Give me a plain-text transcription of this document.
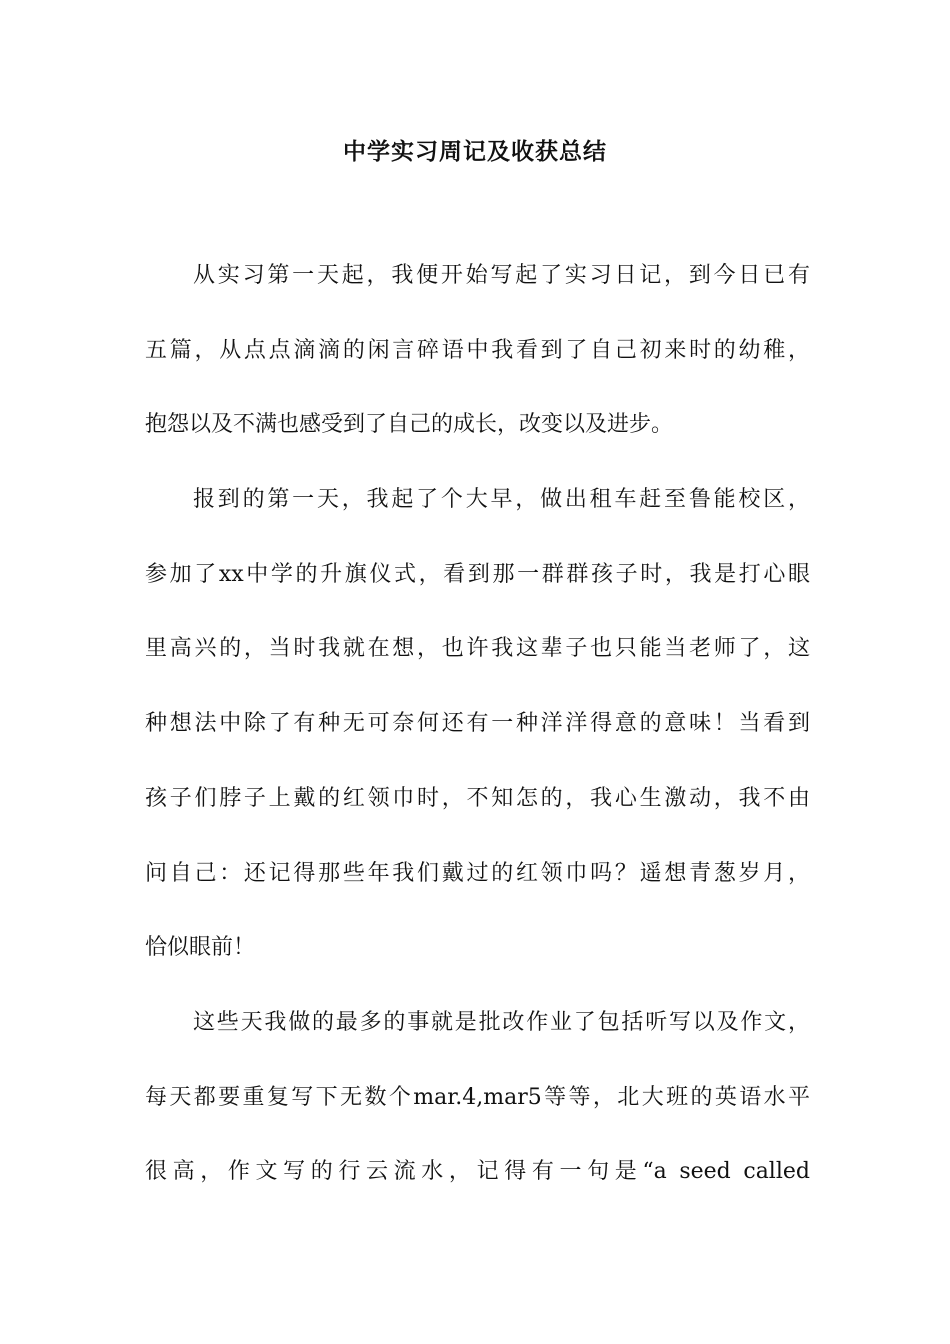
中学实习周记及收获总结
从实习第一天起，我便开始写起了实习日记，到今日已有
五篇，从点点滴滴的闲言碎语中我看到了自己初来时的幼稚，
抱怨以及不满也感受到了自己的成长，改变以及进步。
报到的第一天，我起了个大早，做出租车赶至鲁能校区，
参加了xx中学的升旗仪式，看到那一群群孩子时，我是打心眼
里高兴的，当时我就在想，也许我这辈子也只能当老师了，这
种想法中除了有种无可奈何还有一种洋洋得意的意味！当看到
孩子们脖子上戴的红领巾时，不知怎的，我心生激动，我不由
问自己：还记得那些年我们戴过的红领巾吗？遥想青葱岁月，
恰似眼前！
这些天我做的最多的事就是批改作业了包括听写以及作文，
每天都要重复写下无数个mar.4,mar5等等，北大班的英语水平
很高，作文写的行云流水，记得有一句是“a seed called
